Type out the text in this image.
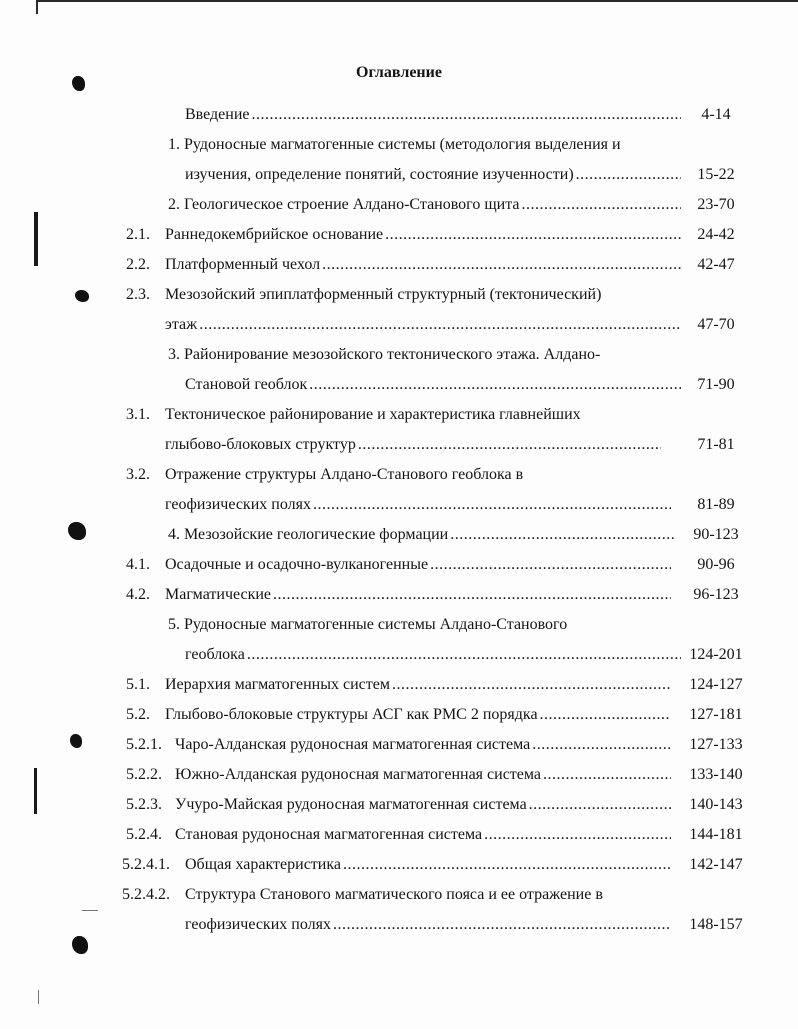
Оглавление
Введение .....	4-14
1. Рудоносные магматогенные системы (методология выделения и
изучения, определение понятий, состояние изученности) .....	15-22
2. Геологическое строение Алдано-Станового щита .....	23-70
2.1. Раннедокембрийское основание .....	24-42
2.2. Платформенный чехол .....	42-47
2.3. Мезозойский эпиплатформенный структурный (тектонический)
этаж .....	47-70
3. Районирование мезозойского тектонического этажа. Алдано-
Становой геоблок .....	71-90
3.1. Тектоническое районирование и характеристика главнейших
глыбово-блоковых структур .....	71-81
3.2. Отражение структуры Алдано-Станового геоблока в
геофизических полях .....	81-89
4. Мезозойские геологические формации .....	90-123
4.1. Осадочные и осадочно-вулканогенные .....	90-96
4.2. Магматические .....	96-123
5. Рудоносные магматогенные системы Алдано-Станового
геоблока .....	124-201
5.1. Иерархия магматогенных систем .....	124-127
5.2. Глыбово-блоковые структуры АСГ как РМС 2 порядка .....	127-181
5.2.1. Чаро-Алданская рудоносная магматогенная система .....	127-133
5.2.2. Южно-Алданская рудоносная магматогенная система .....	133-140
5.2.3. Учуро-Майская рудоносная магматогенная система .....	140-143
5.2.4. Становая рудоносная магматогенная система .....	144-181
5.2.4.1. Общая характеристика .....	142-147
5.2.4.2. Структура Станового магматического пояса и ее отражение в
геофизических полях .....	148-157
